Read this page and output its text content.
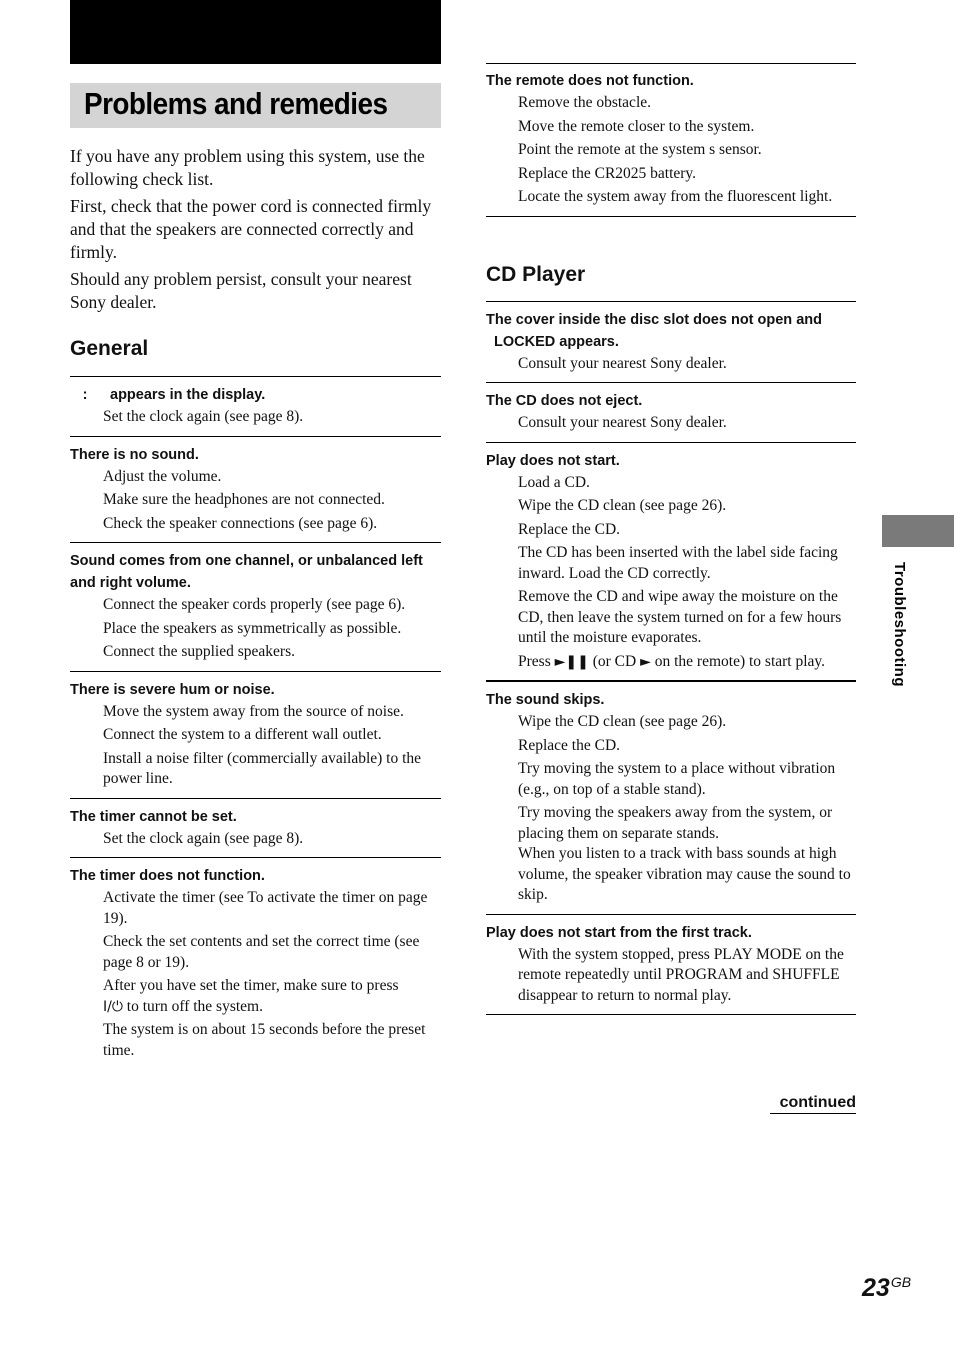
Problems and remedies

If you have any problem using this system, use the following check list.

First, check that the power cord is connected firmly and that the speakers are connected correctly and firmly.

Should any problem persist, consult your nearest Sony dealer.

General
: appears in the display.

Set the clock again (see page 8).

There is no sound.

Adjust the volume.

Make sure the headphones are not connected.

Check the speaker connections (see page 6).

Sound comes from one channel, or unbalanced left and right volume.

Connect the speaker cords properly (see page 6).

Place the speakers as symmetrically as possible.

Connect the supplied speakers.

There is severe hum or noise.

Move the system away from the source of noise.

Connect the system to a different wall outlet.

Install a noise filter (commercially available) to the power line.

The timer cannot be set.

Set the clock again (see page 8).

The timer does not function.

Activate the timer (see To activate the timer on page 19).

Check the set contents and set the correct time (see page 8 or 19).

After you have set the timer, make sure to press
I/⏻ to turn off the system.

The system is on about 15 seconds before the preset time.

The remote does not function.

Remove the obstacle.

Move the remote closer to the system.

Point the remote at the system s sensor.

Replace the CR2025 battery.

Locate the system away from the fluorescent light.

CD Player
The cover inside the disc slot does not open and
LOCKED appears.

Consult your nearest Sony dealer.

The CD does not eject.

Consult your nearest Sony dealer.

Play does not start.

Load a CD.

Wipe the CD clean (see page 26).

Replace the CD.

The CD has been inserted with the label side facing inward. Load the CD correctly.

Remove the CD and wipe away the moisture on the CD, then leave the system turned on for a few hours until the moisture evaporates.

Press ►❚❚ (or CD ► on the remote) to start play.

The sound skips.

Wipe the CD clean (see page 26).

Replace the CD.

Try moving the system to a place without vibration (e.g., on top of a stable stand).

Try moving the speakers away from the system, or placing them on separate stands.

When you listen to a track with bass sounds at high volume, the speaker vibration may cause the sound to skip.

Play does not start from the first track.

With the system stopped, press PLAY MODE on the remote repeatedly until PROGRAM and SHUFFLE disappear to return to normal play.

Troubleshooting
continued
$23^{GB}$
